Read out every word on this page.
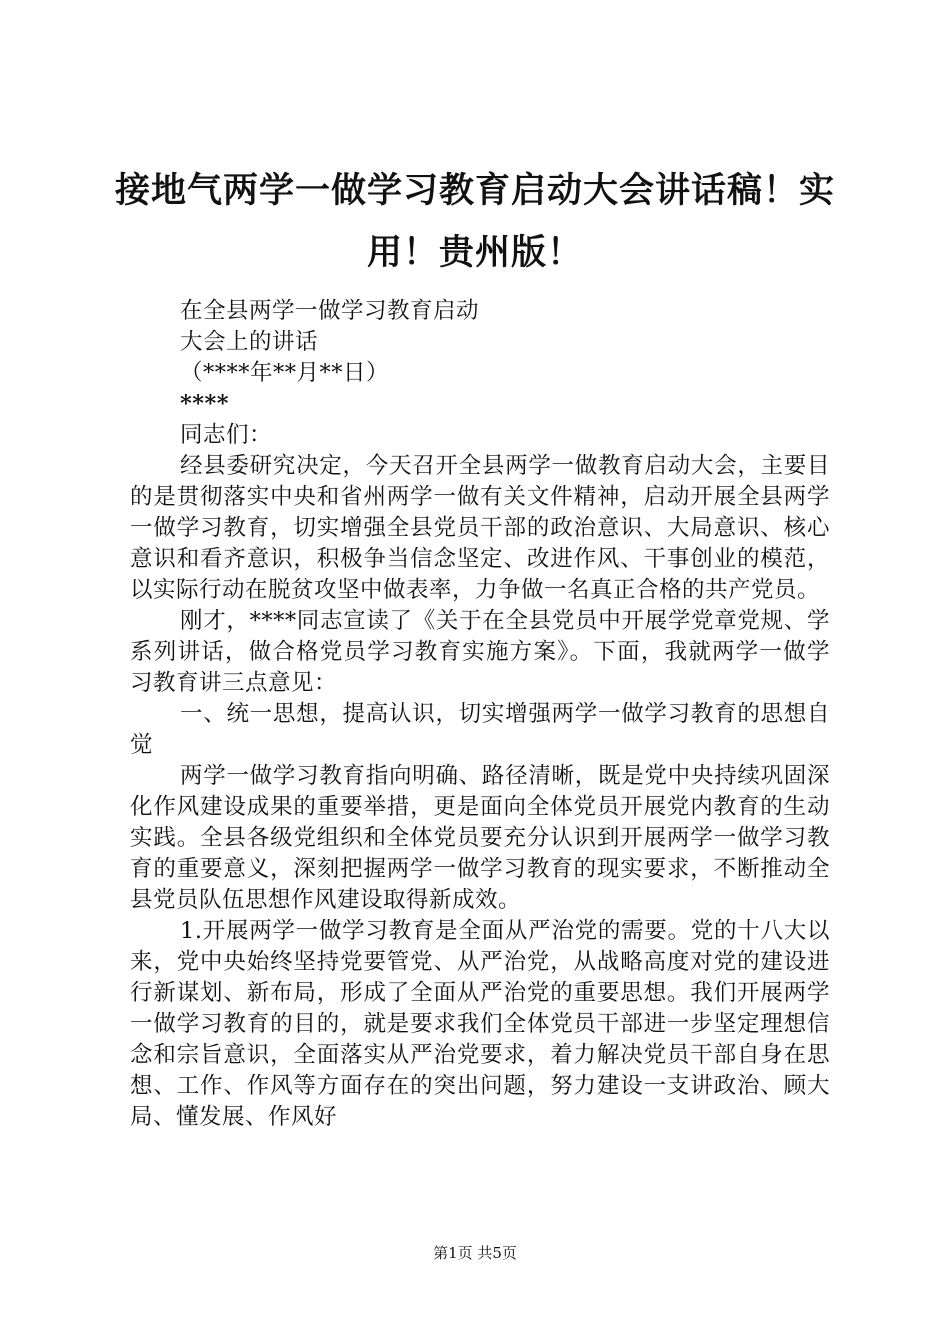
接地气两学一做学习教育启动大会讲话稿！实用！贵州版！

在全县两学一做学习教育启动

大会上的讲话

（****年**月**日）

****

同志们：

经县委研究决定，今天召开全县两学一做教育启动大会，主要目的是贯彻落实中央和省州两学一做有关文件精神，启动开展全县两学一做学习教育，切实增强全县党员干部的政治意识、大局意识、核心意识和看齐意识，积极争当信念坚定、改进作风、干事创业的模范，以实际行动在脱贫攻坚中做表率，力争做一名真正合格的共产党员。

刚才，****同志宣读了《关于在全县党员中开展学党章党规、学系列讲话，做合格党员学习教育实施方案》。下面，我就两学一做学习教育讲三点意见：

一、统一思想，提高认识，切实增强两学一做学习教育的思想自觉

两学一做学习教育指向明确、路径清晰，既是党中央持续巩固深化作风建设成果的重要举措，更是面向全体党员开展党内教育的生动实践。全县各级党组织和全体党员要充分认识到开展两学一做学习教育的重要意义，深刻把握两学一做学习教育的现实要求，不断推动全县党员队伍思想作风建设取得新成效。

1.开展两学一做学习教育是全面从严治党的需要。党的十八大以来，党中央始终坚持党要管党、从严治党，从战略高度对党的建设进行新谋划、新布局，形成了全面从严治党的重要思想。我们开展两学一做学习教育的目的，就是要求我们全体党员干部进一步坚定理想信念和宗旨意识，全面落实从严治党要求，着力解决党员干部自身在思想、工作、作风等方面存在的突出问题，努力建设一支讲政治、顾大局、懂发展、作风好

第1页 共5页
